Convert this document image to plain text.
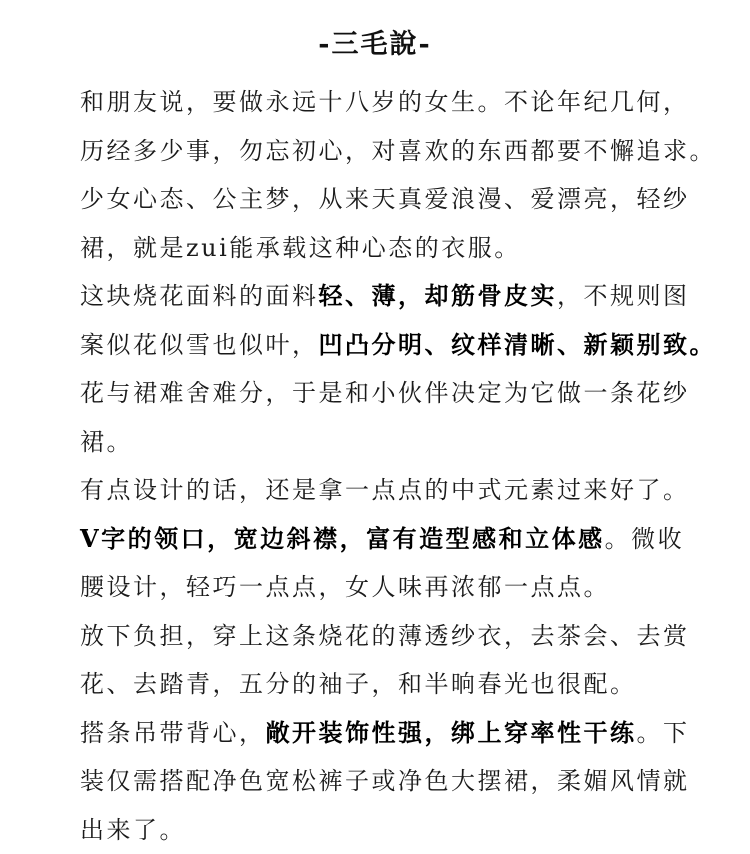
-三毛說-
和朋友说，要做永远十八岁的女生。不论年纪几何，
历经多少事，勿忘初心，对喜欢的东西都要不懈追求。
少女心态、公主梦，从来天真爱浪漫、爱漂亮，轻纱
裙，就是zui能承载这种心态的衣服。
这块烧花面料的面料轻、薄，却筋骨皮实，不规则图
案似花似雪也似叶，凹凸分明、纹样清晰、新颖别致。
花与裙难舍难分，于是和小伙伴决定为它做一条花纱
裙。
有点设计的话，还是拿一点点的中式元素过来好了。
V字的领口，宽边斜襟，富有造型感和立体感。微收
腰设计，轻巧一点点，女人味再浓郁一点点。
放下负担，穿上这条烧花的薄透纱衣，去茶会、去赏
花、去踏青，五分的袖子，和半晌春光也很配。
搭条吊带背心，敞开装饰性强，绑上穿率性干练。下
装仅需搭配净色宽松裤子或净色大摆裙，柔媚风情就
出来了。
